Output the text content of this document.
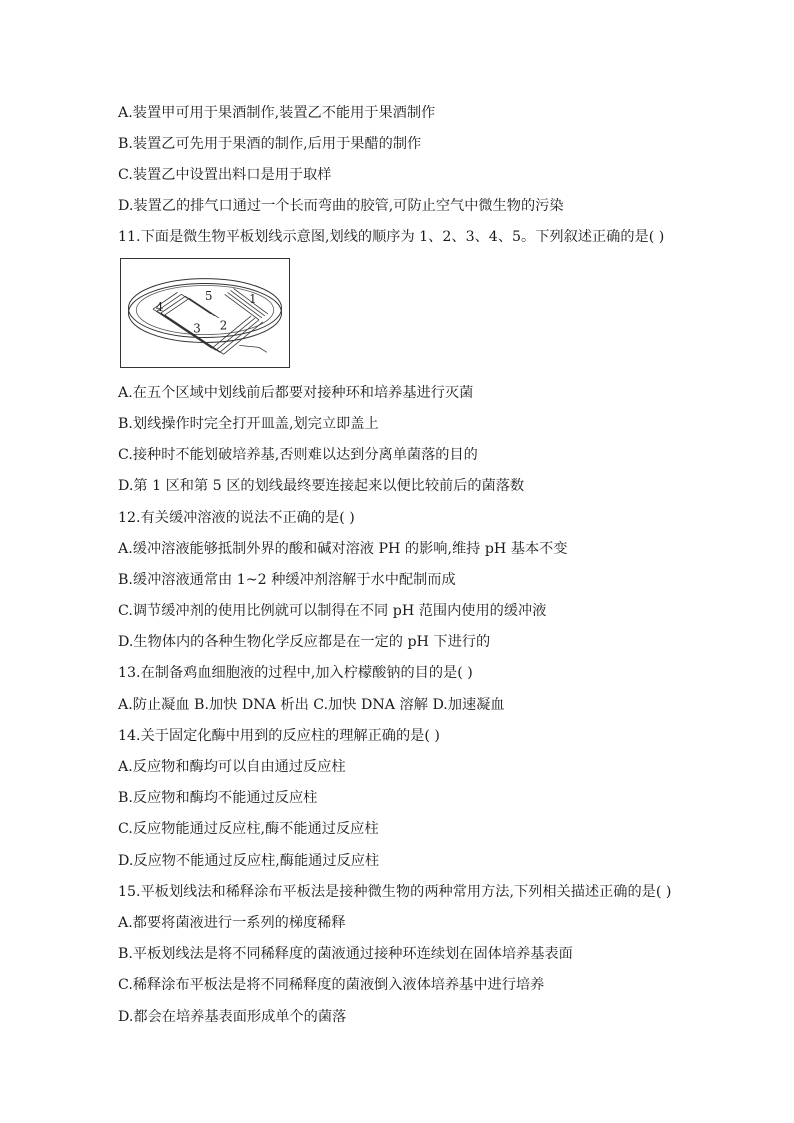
A.装置甲可用于果酒制作,装置乙不能用于果酒制作
B.装置乙可先用于果酒的制作,后用于果醋的制作
C.装置乙中设置出料口是用于取样
D.装置乙的排气口通过一个长而弯曲的胶管,可防止空气中微生物的污染
11.下面是微生物平板划线示意图,划线的顺序为 1、2、3、4、5。下列叙述正确的是( )
1
2
3
4
5
A.在五个区域中划线前后都要对接种环和培养基进行灭菌
B.划线操作时完全打开皿盖,划完立即盖上
C.接种时不能划破培养基,否则难以达到分离单菌落的目的
D.第 1 区和第 5 区的划线最终要连接起来以便比较前后的菌落数
12.有关缓冲溶液的说法不正确的是( )
A.缓冲溶液能够抵制外界的酸和碱对溶液 PH 的影响,维持 pH 基本不变
B.缓冲溶液通常由 1~2 种缓冲剂溶解于水中配制而成
C.调节缓冲剂的使用比例就可以制得在不同 pH 范围内使用的缓冲液
D.生物体内的各种生物化学反应都是在一定的 pH 下进行的
13.在制备鸡血细胞液的过程中,加入柠檬酸钠的目的是( )
A.防止凝血 B.加快 DNA 析出 C.加快 DNA 溶解 D.加速凝血
14.关于固定化酶中用到的反应柱的理解正确的是( )
A.反应物和酶均可以自由通过反应柱
B.反应物和酶均不能通过反应柱
C.反应物能通过反应柱,酶不能通过反应柱
D.反应物不能通过反应柱,酶能通过反应柱
15.平板划线法和稀释涂布平板法是接种微生物的两种常用方法,下列相关描述正确的是( )
A.都要将菌液进行一系列的梯度稀释
B.平板划线法是将不同稀释度的菌液通过接种环连续划在固体培养基表面
C.稀释涂布平板法是将不同稀释度的菌液倒入液体培养基中进行培养
D.都会在培养基表面形成单个的菌落
